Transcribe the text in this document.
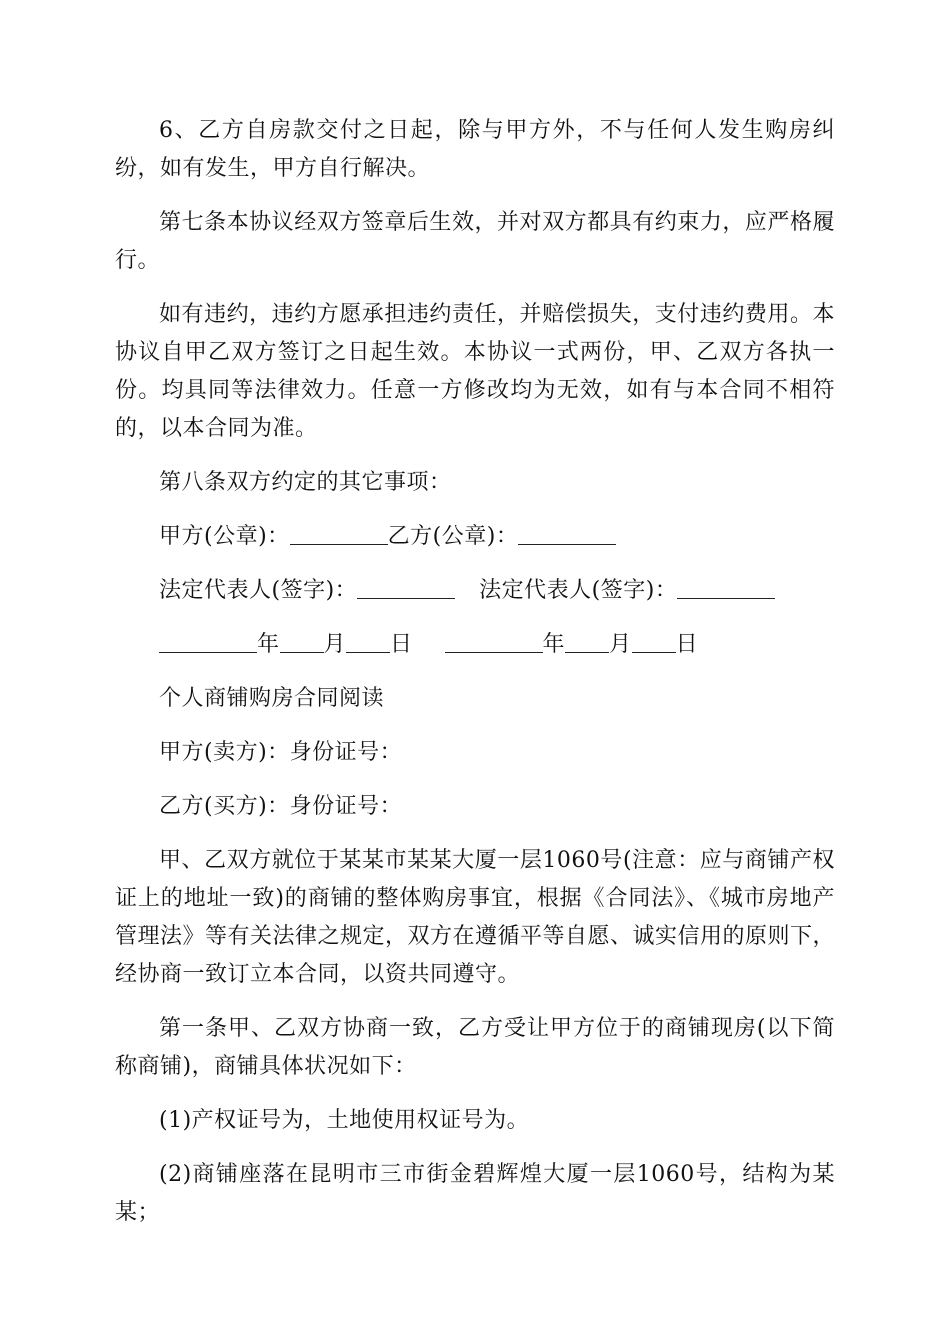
6、乙方自房款交付之日起，除与甲方外，不与任何人发生购房纠纷，如有发生，甲方自行解决。

第七条本协议经双方签章后生效，并对双方都具有约束力，应严格履行。

如有违约，违约方愿承担违约责任，并赔偿损失，支付违约费用。本协议自甲乙双方签订之日起生效。本协议一式两份，甲、乙双方各执一份。均具同等法律效力。任意一方修改均为无效，如有与本合同不相符的，以本合同为准。

第八条双方约定的其它事项：

甲方(公章)：	乙方(公章)：

法定代表人(签字)：	法定代表人(签字)：

年 月 日	年 月 日

个人商铺购房合同阅读

甲方(卖方)：身份证号：

乙方(买方)：身份证号：

甲、乙双方就位于某某市某某大厦一层1060号(注意：应与商铺产权证上的地址一致)的商铺的整体购房事宜，根据《合同法》、《城市房地产管理法》等有关法律之规定，双方在遵循平等自愿、诚实信用的原则下，经协商一致订立本合同，以资共同遵守。

第一条甲、乙双方协商一致，乙方受让甲方位于的商铺现房(以下简称商铺)，商铺具体状况如下：

(1)产权证号为，土地使用权证号为。

(2)商铺座落在昆明市三市街金碧辉煌大厦一层1060号，结构为某某；
